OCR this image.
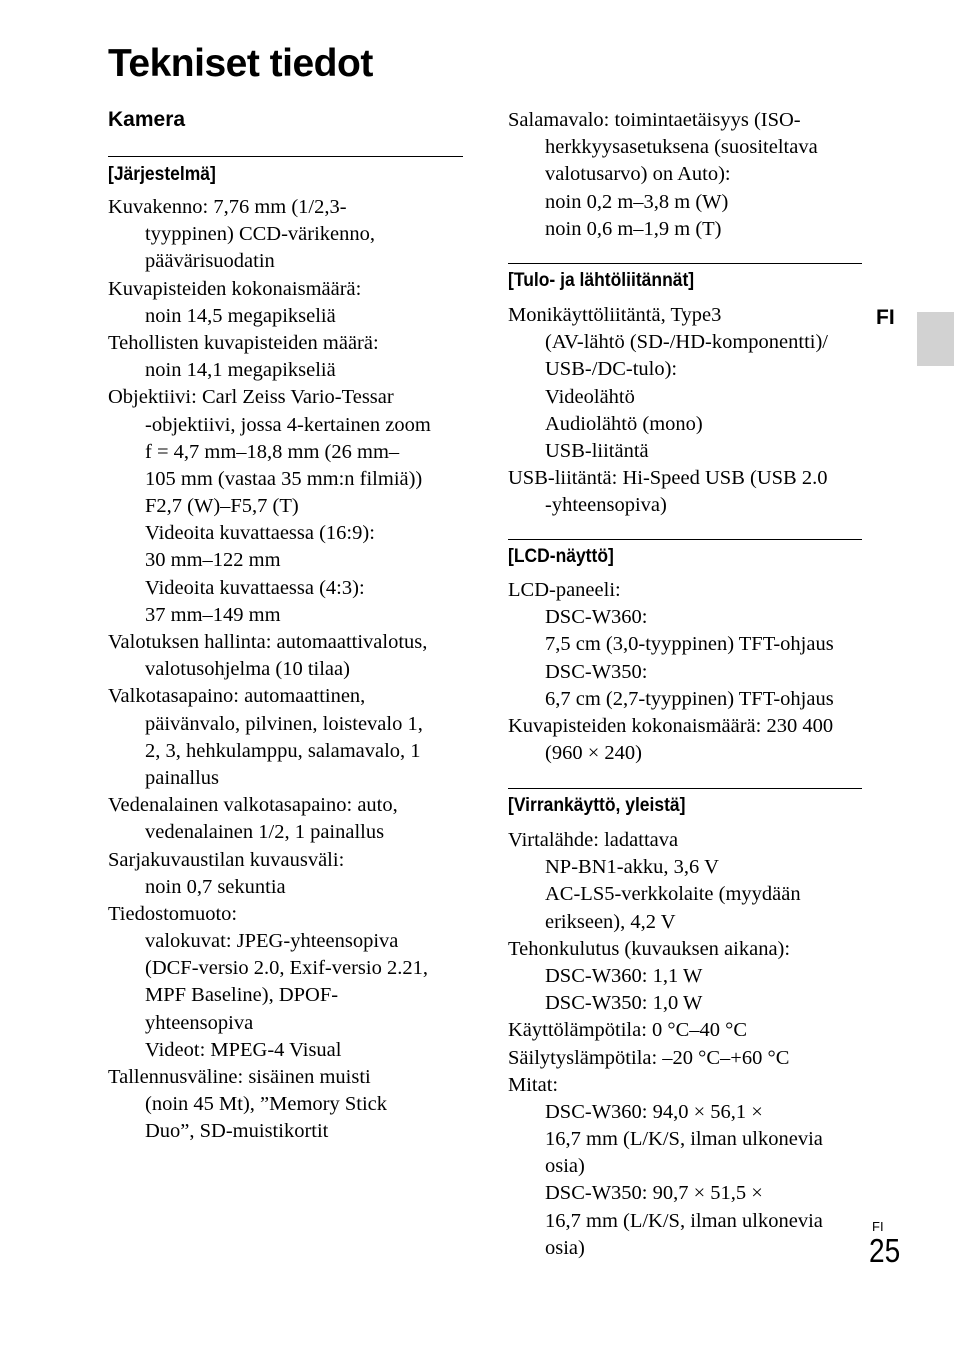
Tekniset tiedot
FI
Kamera
[Järjestelmä]
Kuvakenno: 7,76 mm (1/2,3-
tyyppinen) CCD-värikenno,
päävärisuodatin
Kuvapisteiden kokonaismäärä:
noin 14,5 megapikseliä
Tehollisten kuvapisteiden määrä:
noin 14,1 megapikseliä
Objektiivi: Carl Zeiss Vario-Tessar
-objektiivi, jossa 4-kertainen zoom
f = 4,7 mm–18,8 mm (26 mm–
105 mm (vastaa 35 mm:n filmiä))
F2,7 (W)–F5,7 (T)
Videoita kuvattaessa (16:9):
30 mm–122 mm
Videoita kuvattaessa (4:3):
37 mm–149 mm
Valotuksen hallinta: automaattivalotus,
valotusohjelma (10 tilaa)
Valkotasapaino: automaattinen,
päivänvalo, pilvinen, loistevalo 1,
2, 3, hehkulamppu, salamavalo, 1
painallus
Vedenalainen valkotasapaino: auto,
vedenalainen 1/2, 1 painallus
Sarjakuvaustilan kuvausväli:
noin 0,7 sekuntia
Tiedostomuoto:
valokuvat: JPEG-yhteensopiva
(DCF-versio 2.0, Exif-versio 2.21,
MPF Baseline), DPOF-
yhteensopiva
Videot: MPEG-4 Visual
Tallennusväline: sisäinen muisti
(noin 45 Mt), ”Memory Stick
Duo”, SD-muistikortit
Salamavalo: toimintaetäisyys (ISO-
herkkyysasetuksena (suositeltava
valotusarvo) on Auto):
noin 0,2 m–3,8 m (W)
noin 0,6 m–1,9 m (T)
[Tulo- ja lähtöliitännät]
Monikäyttöliitäntä, Type3
(AV-lähtö (SD-/HD-komponentti)/
USB-/DC-tulo):
Videolähtö
Audiolähtö (mono)
USB-liitäntä
USB-liitäntä: Hi-Speed USB (USB 2.0
-yhteensopiva)
[LCD-näyttö]
LCD-paneeli:
DSC-W360:
7,5 cm (3,0-tyyppinen) TFT-ohjaus
DSC-W350:
6,7 cm (2,7-tyyppinen) TFT-ohjaus
Kuvapisteiden kokonaismäärä: 230 400
(960 × 240)
[Virrankäyttö, yleistä]
Virtalähde: ladattava
NP-BN1-akku, 3,6 V
AC-LS5-verkkolaite (myydään
erikseen), 4,2 V
Tehonkulutus (kuvauksen aikana):
DSC-W360: 1,1 W
DSC-W350: 1,0 W
Käyttölämpötila: 0 °C–40 °C
Säilytyslämpötila: –20 °C–+60 °C
Mitat:
DSC-W360: 94,0 × 56,1 ×
16,7 mm (L/K/S, ilman ulkonevia
osia)
DSC-W350: 90,7 × 51,5 ×
16,7 mm (L/K/S, ilman ulkonevia
osia)
FI
25
